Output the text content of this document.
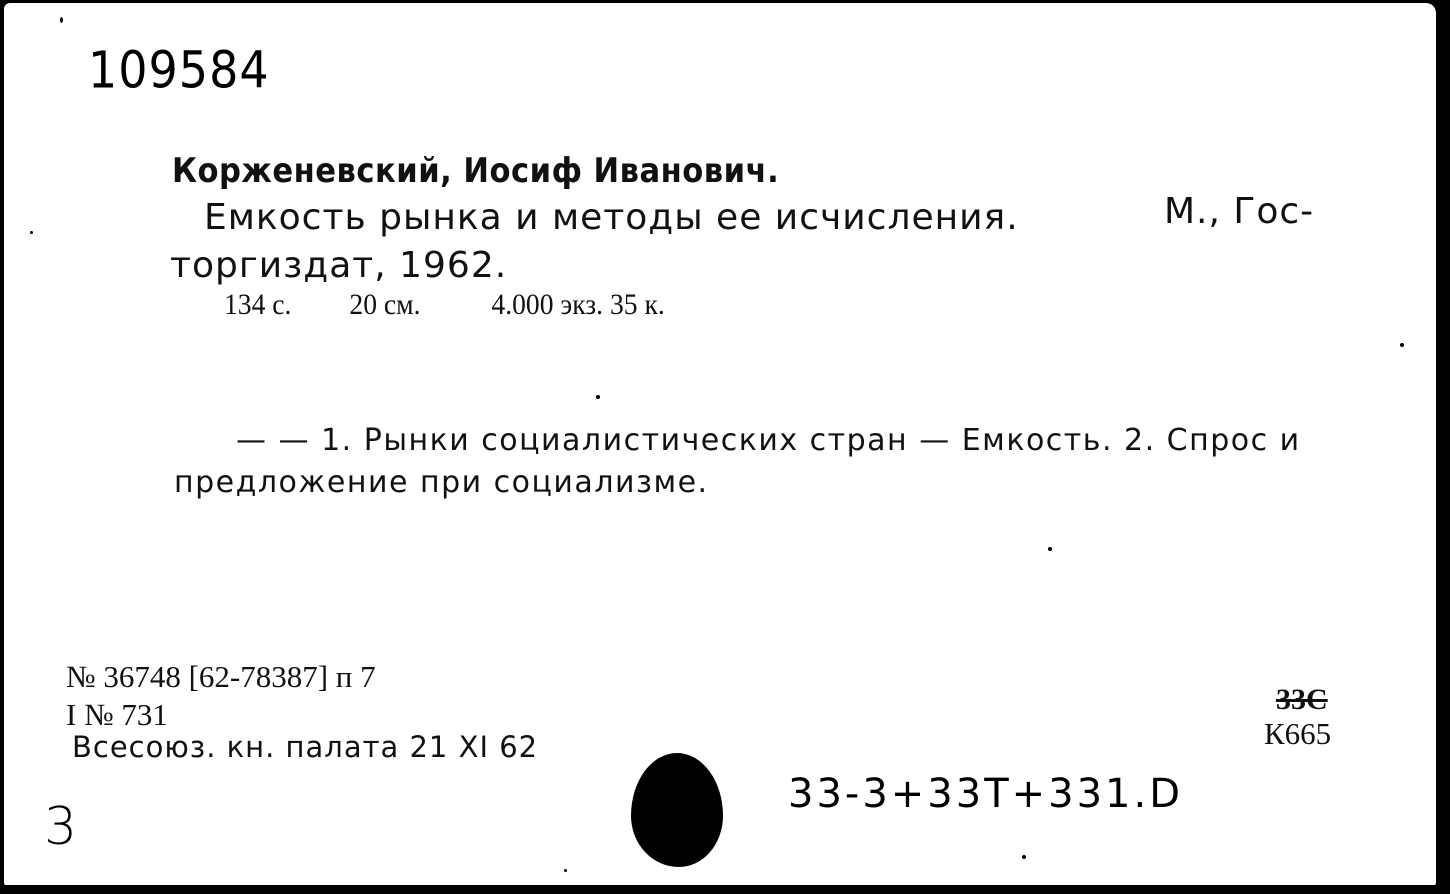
109584
Корженевский, Иосиф Иванович.
Емкость рынка и методы ее исчисления.	М., Гос-
торгиздат, 1962.
134 с. 20 см. 4.000 экз. 35 к.
— — 1. Рынки социалистических стран — Емкость. 2. Спрос и
предложение при социализме.
№ 36748 [62-78387] п 7
I № 731
Всесоюз. кн. палата 21 XI 62
33С
К665
33-3+33Т+331.D
3
